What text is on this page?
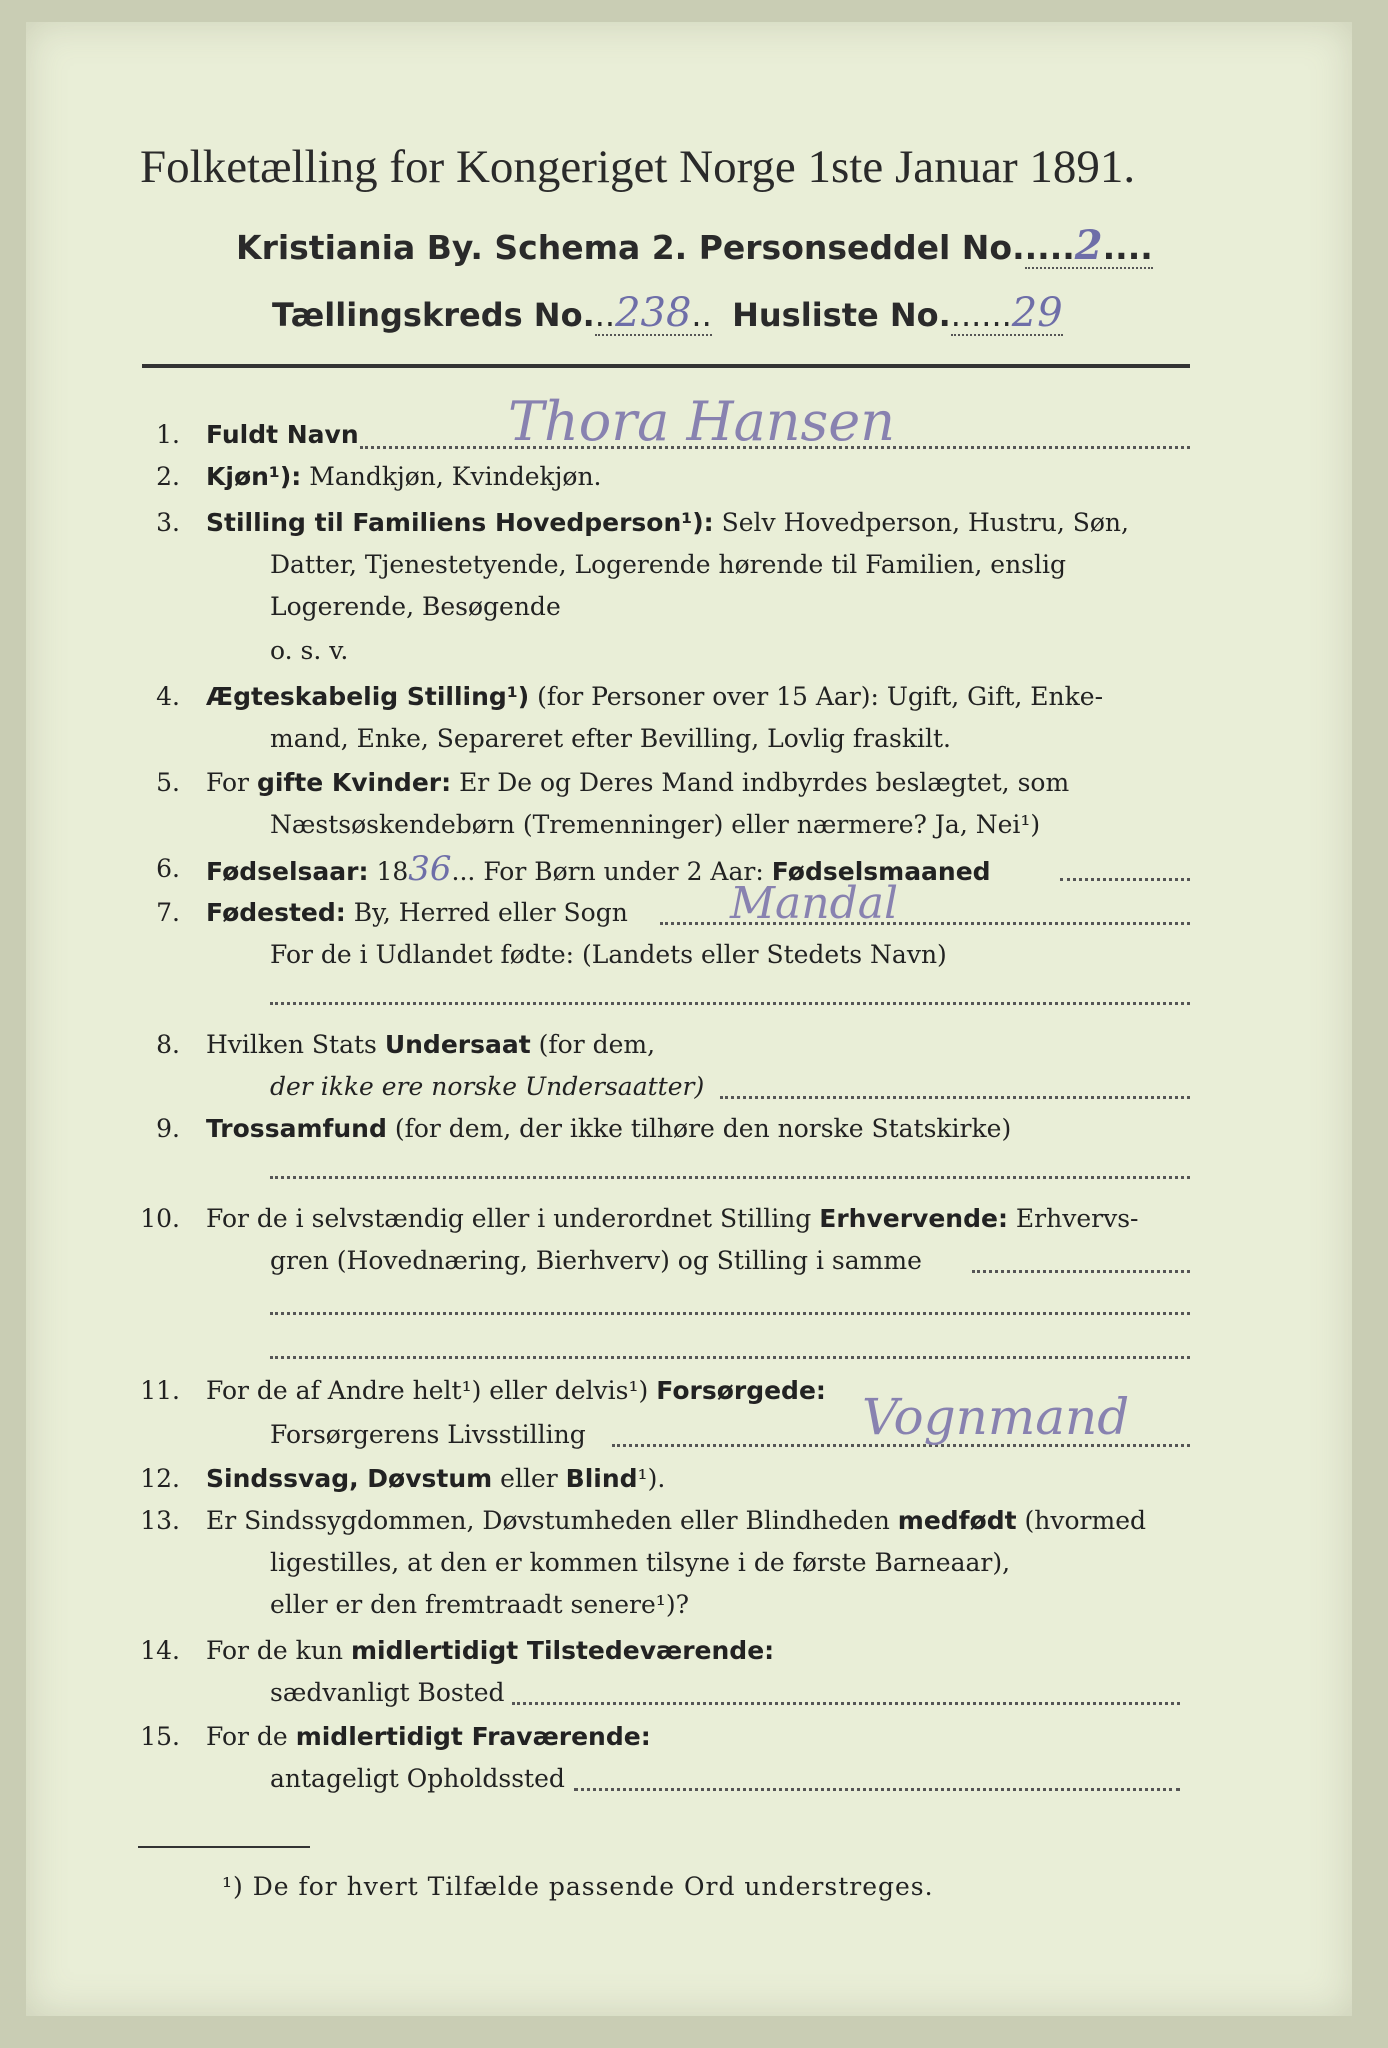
Folketælling for Kongeriget Norge 1ste Januar 1891.
Kristiania By. Schema 2. Personseddel No.....2....
Tællingskreds No...238.. Husliste No.......29
1. Fuldt Navn	Thora Hansen
2. Kjøn¹): Mandkjøn, Kvindekjøn.
3. Stilling til Familiens Hovedperson¹): Selv Hovedperson, Hustru, Søn,
Datter, Tjenestetyende, Logerende hørende til Familien, enslig
Logerende, Besøgende
o. s. v.
4. Ægteskabelig Stilling¹) (for Personer over 15 Aar): Ugift, Gift, Enke-
mand, Enke, Separeret efter Bevilling, Lovlig fraskilt.
5. For gifte Kvinder: Er De og Deres Mand indbyrdes beslægtet, som
Næstsøskendebørn (Tremenninger) eller nærmere? Ja, Nei¹)
6. Fødselsaar: 1836... For Børn under 2 Aar: Fødselsmaaned
7. Fødested: By, Herred eller Sogn	Mandal
For de i Udlandet fødte: (Landets eller Stedets Navn)
8. Hvilken Stats Undersaat (for dem,
der ikke ere norske Undersaatter)
9. Trossamfund (for dem, der ikke tilhøre den norske Statskirke)
10. For de i selvstændig eller i underordnet Stilling Erhvervende: Erhvervs-
gren (Hovednæring, Bierhverv) og Stilling i samme
11. For de af Andre helt¹) eller delvis¹) Forsørgede:
Forsørgerens Livsstilling	Vognmand
12. Sindssvag, Døvstum eller Blind¹).
13. Er Sindssygdommen, Døvstumheden eller Blindheden medfødt (hvormed
ligestilles, at den er kommen tilsyne i de første Barneaar),
eller er den fremtraadt senere¹)?
14. For de kun midlertidigt Tilstedeværende:
sædvanligt Bosted
15. For de midlertidigt Fraværende:
antageligt Opholdssted
¹) De for hvert Tilfælde passende Ord understreges.
